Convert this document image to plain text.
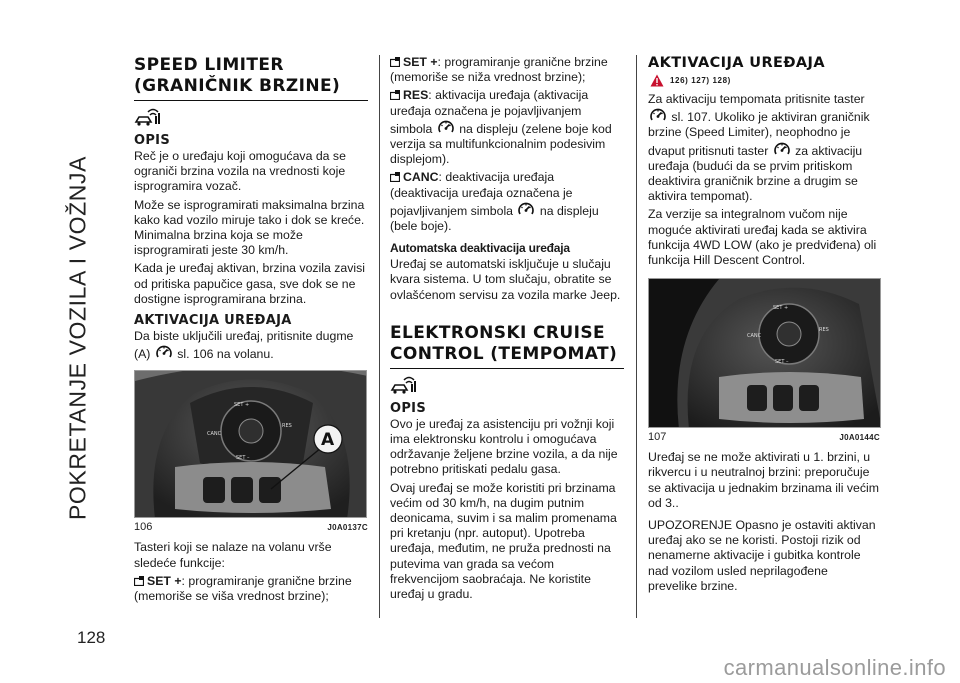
POKRETANJE VOZILA I VOŽNJA
128
carmanualsonline.info
SPEED LIMITER
(GRANIČNIK BRZINE)
OPIS

Reč je o uređaju koji omogućava da se ograniči brzina vozila na vrednosti koje isprogramira vozač.

Može se isprogramirati maksimalna brzina kako kad vozilo miruje tako i dok se kreće. Minimalna brzina koja se može isprogramirati jeste 30 km/h.

Kada je uređaj aktivan, brzina vozila zavisi od pritiska papučice gasa, sve dok se ne dostigne isprogramirana brzina.

AKTIVACIJA UREĐAJA

Da biste uključili uređaj, pritisnite dugme (A) sl. 106 na volanu.

SET +
CANC
RES
SET –
A
106	J0A0137C

Tasteri koji se nalaze na volanu vrše sledeće funkcije:

SET +: programiranje granične brzine (memoriše se viša vrednost brzine);

SET +: programiranje granične brzine (memoriše se niža vrednost brzine);

RES: aktivacija uređaja (aktivacija uređaja označena je pojavljivanjem simbola na displeju (zelene boje kod verzija sa multifunkcionalnim podesivim displejom).

CANC: deaktivacija uređaja (deaktivacija uređaja označena je pojavljivanjem simbola na displeju (bele boje).

Automatska deaktivacija uređaja

Uređaj se automatski isključuje u slučaju kvara sistema. U tom slučaju, obratite se ovlašćenom servisu za vozila marke Jeep.

ELEKTRONSKI CRUISE
CONTROL (TEMPOMAT)
OPIS

Ovo je uređaj za asistenciju pri vožnji koji ima elektronsku kontrolu i omogućava održavanje željene brzine vozila, a da nije potrebno pritiskati pedalu gasa.

Ovaj uređaj se može koristiti pri brzinama većim od 30 km/h, na dugim putnim deonicama, suvim i sa malim promenama pri kretanju (npr. autoput). Upotreba uređaja, međutim, ne pruža prednosti na putevima van grada sa većom frekvencijom saobraćaja. Ne koristite uređaj u gradu.

AKTIVACIJA UREĐAJA
126) 127) 128)

Za aktivaciju tempomata pritisnite taster  sl. 107. Ukoliko je aktiviran graničnik brzine (Speed Limiter), neophodno je dvaput pritisnuti taster za aktivaciju uređaja (budući da se prvim pritiskom deaktivira graničnik brzine a drugim se aktivira tempomat).

Za verzije sa integralnom vučom nije moguće aktivirati uređaj kada se aktivira funkcija 4WD LOW (ako je predviđena) oli funkcija Hill Descent Control.

SET +
CANC
RES
SET –
107	J0A0144C

Uređaj se ne može aktivirati u 1. brzini, u rikvercu i u neutralnoj brzini: preporučuje se aktivacija u jednakim brzinama ili većim od 3..

UPOZORENJE Opasno je ostaviti aktivan uređaj ako se ne koristi. Postoji rizik od nenamerne aktivacije i gubitka kontrole nad vozilom usled neprilagođene prevelike brzine.
